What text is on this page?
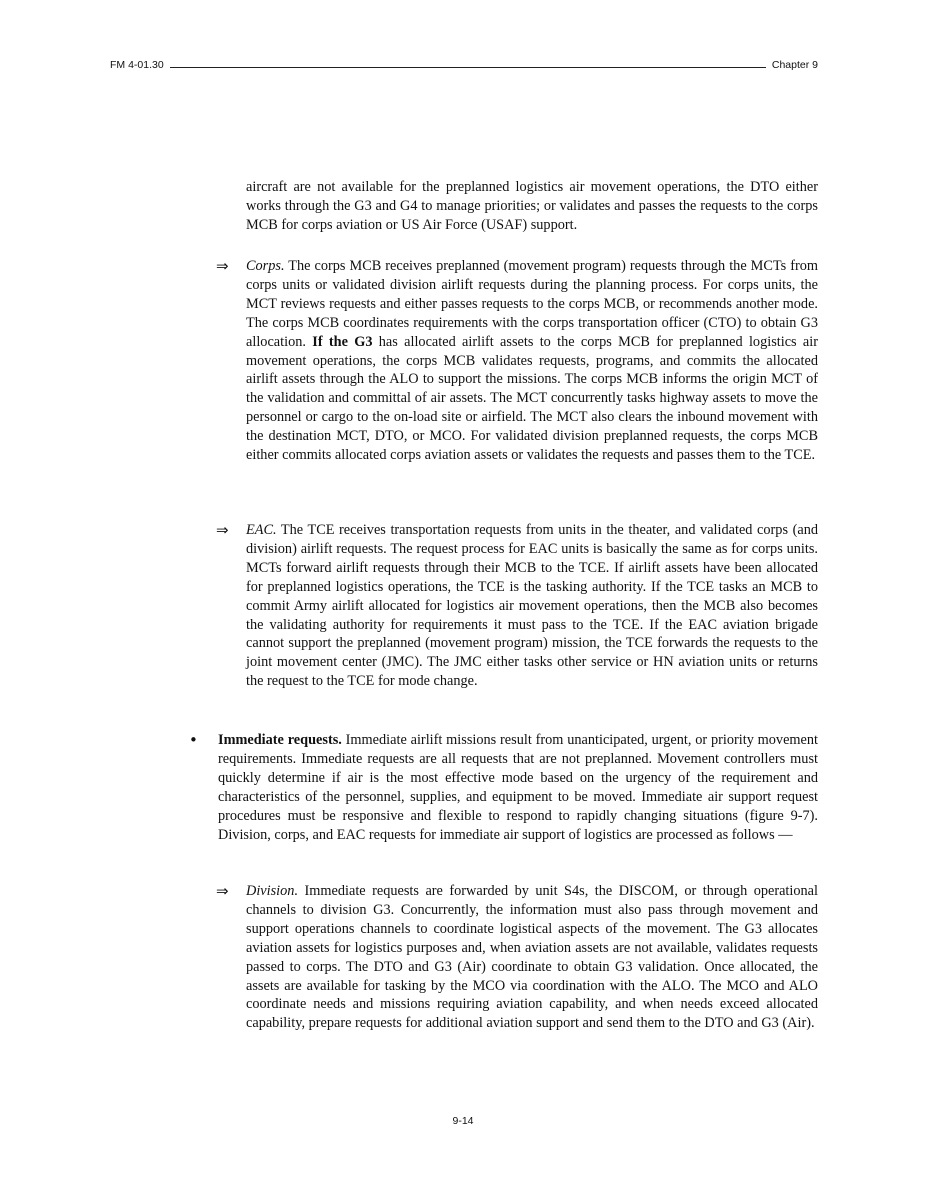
FM 4-01.30	Chapter 9

aircraft are not available for the preplanned logistics air movement operations, the DTO either works through the G3 and G4 to manage priorities; or validates and passes the requests to the corps MCB for corps aviation or US Air Force (USAF) support.

⇒	Corps. The corps MCB receives preplanned (movement program) requests through the MCTs from corps units or validated division airlift requests during the planning process. For corps units, the MCT reviews requests and either passes requests to the corps MCB, or recommends another mode. The corps MCB coordinates requirements with the corps transportation officer (CTO) to obtain G3 allocation. If the G3 has allocated airlift assets to the corps MCB for preplanned logistics air movement operations, the corps MCB validates requests, programs, and commits the allocated airlift assets through the ALO to support the missions. The corps MCB informs the origin MCT of the validation and committal of air assets. The MCT concurrently tasks highway assets to move the personnel or cargo to the on-load site or airfield. The MCT also clears the inbound movement with the destination MCT, DTO, or MCO. For validated division preplanned requests, the corps MCB either commits allocated corps aviation assets or validates the requests and passes them to the TCE.

⇒	EAC. The TCE receives transportation requests from units in the theater, and validated corps (and division) airlift requests. The request process for EAC units is basically the same as for corps units. MCTs forward airlift requests through their MCB to the TCE. If airlift assets have been allocated for preplanned logistics operations, the TCE is the tasking authority. If the TCE tasks an MCB to commit Army airlift allocated for logistics air movement operations, then the MCB also becomes the validating authority for requirements it must pass to the TCE. If the EAC aviation brigade cannot support the preplanned (movement program) mission, the TCE forwards the requests to the joint movement center (JMC). The JMC either tasks other service or HN aviation units or returns the request to the TCE for mode change.

•	Immediate requests. Immediate airlift missions result from unanticipated, urgent, or priority movement requirements. Immediate requests are all requests that are not preplanned. Movement controllers must quickly determine if air is the most effective mode based on the urgency of the requirement and characteristics of the personnel, supplies, and equipment to be moved. Immediate air support request procedures must be responsive and flexible to respond to rapidly changing situations (figure 9-7). Division, corps, and EAC requests for immediate air support of logistics are processed as follows —

⇒	Division. Immediate requests are forwarded by unit S4s, the DISCOM, or through operational channels to division G3. Concurrently, the information must also pass through movement and support operations channels to coordinate logistical aspects of the movement. The G3 allocates aviation assets for logistics purposes and, when aviation assets are not available, validates requests passed to corps. The DTO and G3 (Air) coordinate to obtain G3 validation. Once allocated, the assets are available for tasking by the MCO via coordination with the ALO. The MCO and ALO coordinate needs and missions requiring aviation capability, and when needs exceed allocated capability, prepare requests for additional aviation support and send them to the DTO and G3 (Air).

9-14
